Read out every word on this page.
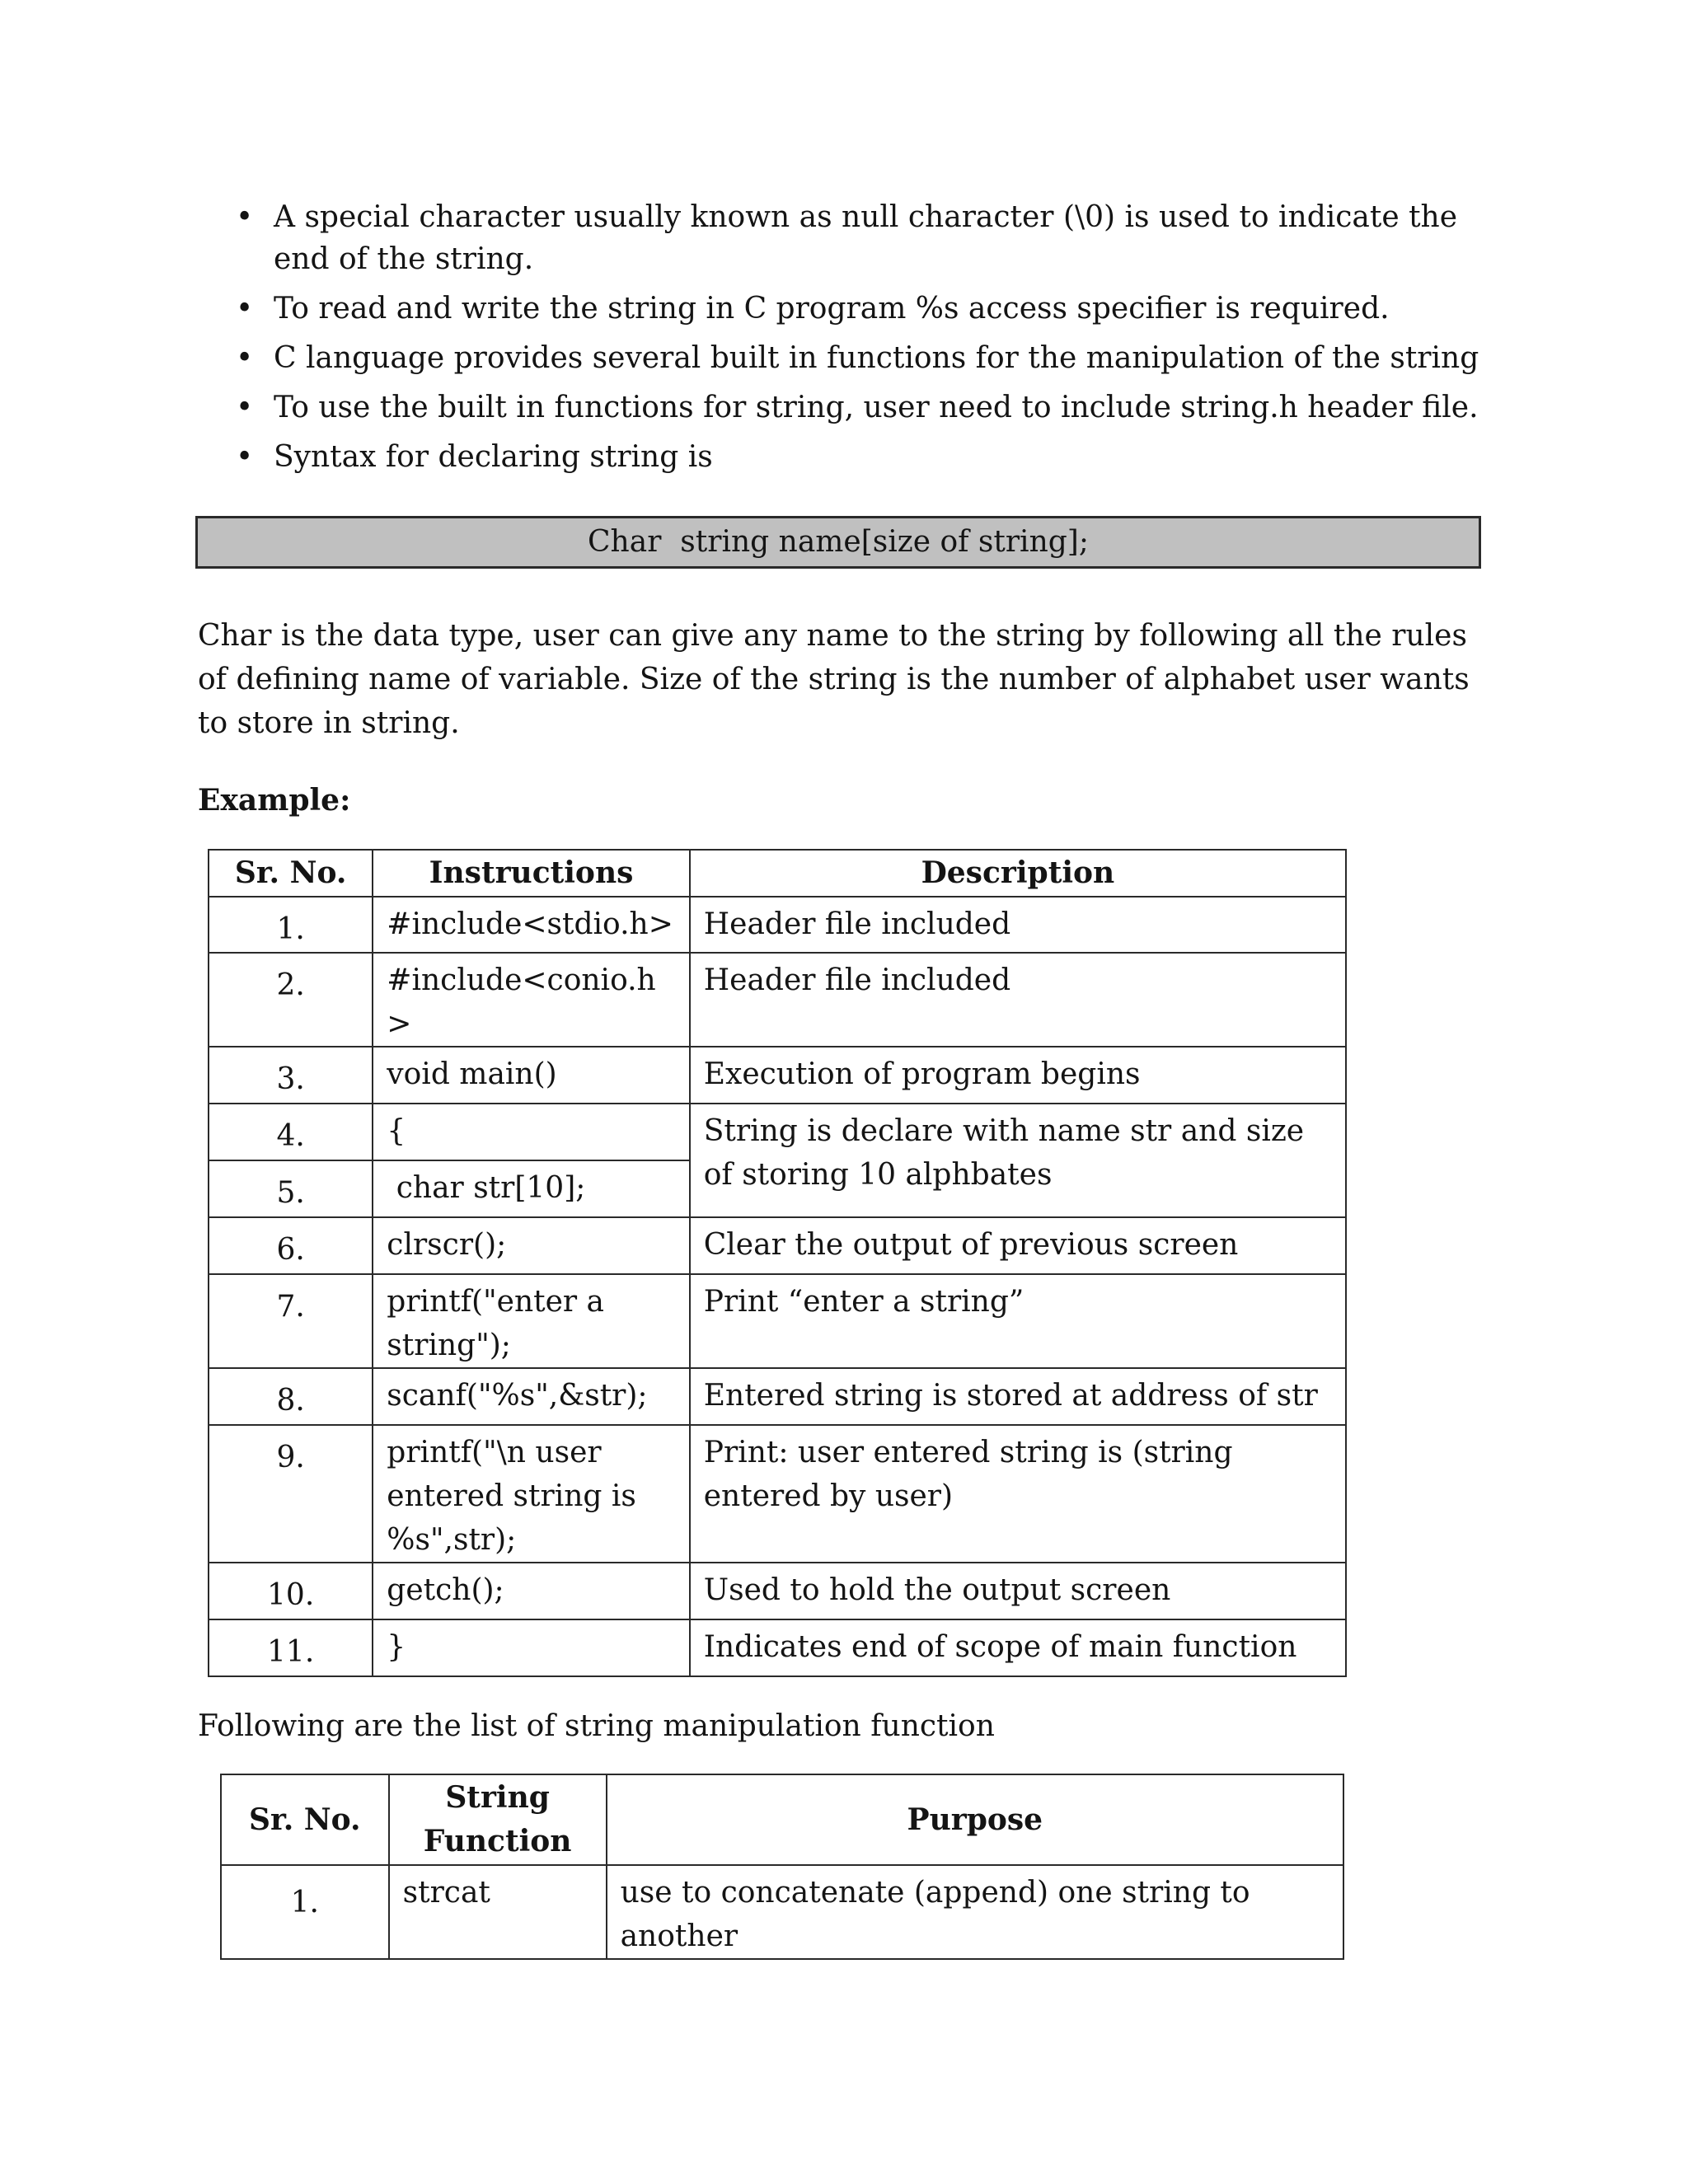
• A special character usually known as null character (\0) is used to indicate the end of the string.
• To read and write the string in C program %s access specifier is required.
• C language provides several built in functions for the manipulation of the string
• To use the built in functions for string, user need to include string.h header file.
• Syntax for declaring string is
Char  string name[size of string];

Char is the data type, user can give any name to the string by following all the rules of defining name of variable. Size of the string is the number of alphabet user wants to store in string.

Example:

Sr. No.	Instructions	Description
1.	#include<stdio.h>	Header file included
2.	#include<conio.h >	Header file included
3.	void main()	Execution of program begins
4.	{	String is declare with name str and size of storing 10 alphbates
5.	char str[10];	
6.	clrscr();	Clear the output of previous screen
7.	printf("enter a string");	Print “enter a string”
8.	scanf("%s",&str);	Entered string is stored at address of str
9.	printf("\n user entered string is %s",str);	Print: user entered string is (string entered by user)
10.	getch();	Used to hold the output screen
11.	}	Indicates end of scope of main function

Following are the list of string manipulation function

Sr. No.	String Function	Purpose
1.	strcat	use to concatenate (append) one string to another
